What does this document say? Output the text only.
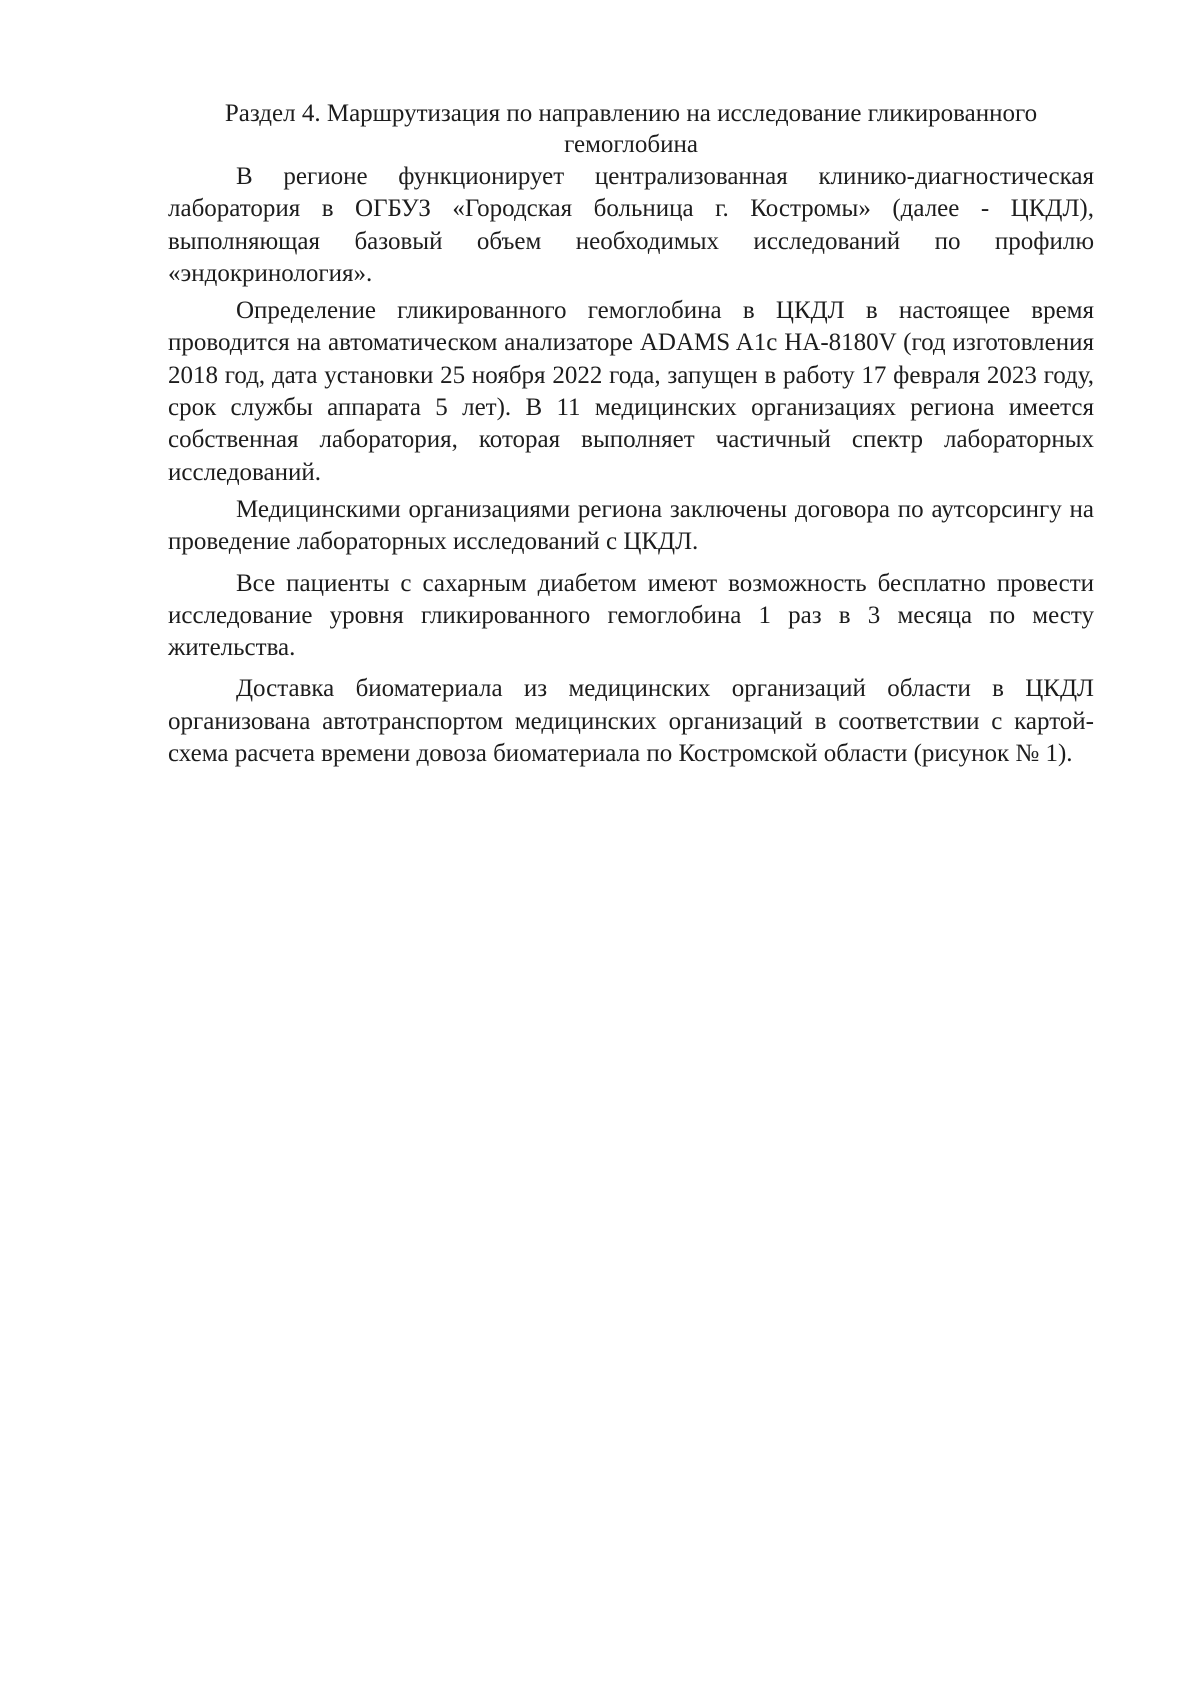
Раздел 4. Маршрутизация по направлению на исследование гликированного гемоглобина

В регионе функционирует централизованная клинико-диагностическая лаборатория в ОГБУЗ «Городская больница г. Костромы» (далее - ЦКДЛ), выполняющая базовый объем необходимых исследований по профилю «эндокринология».

Определение гликированного гемоглобина в ЦКДЛ в настоящее время проводится на автоматическом анализаторе ADAMS A1c HA-8180V (год изготовления 2018 год, дата установки 25 ноября 2022 года, запущен в работу 17 февраля 2023 году, срок службы аппарата 5 лет). В 11 медицинских организациях региона имеется собственная лаборатория, которая выполняет частичный спектр лабораторных исследований.

Медицинскими организациями региона заключены договора по аутсорсингу на проведение лабораторных исследований с ЦКДЛ.

Все пациенты с сахарным диабетом имеют возможность бесплатно провести исследование уровня гликированного гемоглобина 1 раз в 3 месяца по месту жительства.

Доставка биоматериала из медицинских организаций области в ЦКДЛ организована автотранспортом медицинских организаций в соответствии с картой-схема расчета времени довоза биоматериала по Костромской области (рисунок № 1).
